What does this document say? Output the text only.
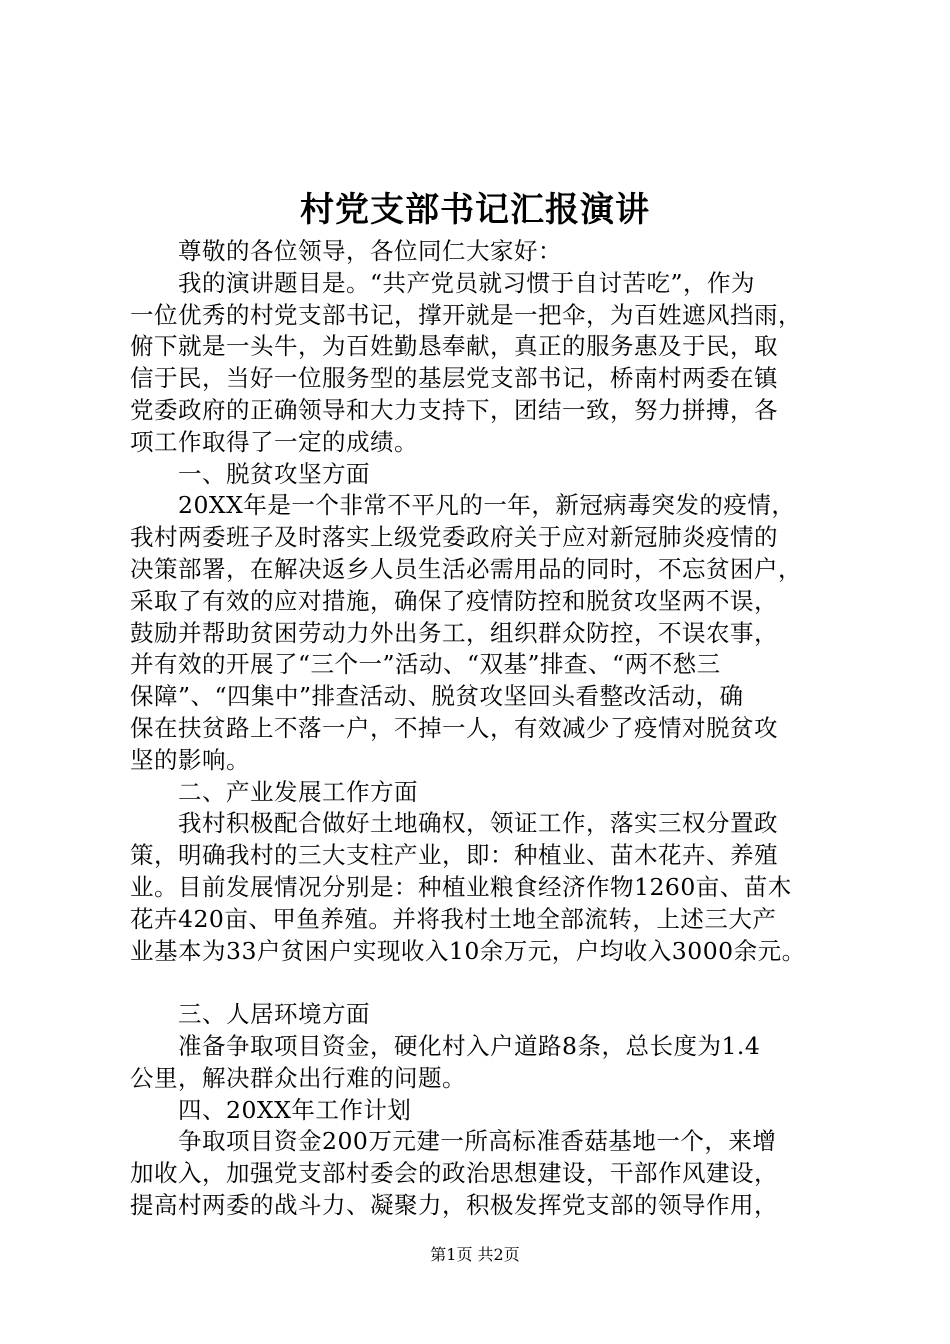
村党支部书记汇报演讲
尊敬的各位领导，各位同仁大家好：
我的演讲题目是。“共产党员就习惯于自讨苦吃”，作为
一位优秀的村党支部书记，撑开就是一把伞，为百姓遮风挡雨，
俯下就是一头牛，为百姓勤恳奉献，真正的服务惠及于民，取
信于民，当好一位服务型的基层党支部书记，桥南村两委在镇
党委政府的正确领导和大力支持下，团结一致，努力拼搏，各
项工作取得了一定的成绩。
一、脱贫攻坚方面
20XX年是一个非常不平凡的一年，新冠病毒突发的疫情，
我村两委班子及时落实上级党委政府关于应对新冠肺炎疫情的
决策部署，在解决返乡人员生活必需用品的同时，不忘贫困户，
采取了有效的应对措施，确保了疫情防控和脱贫攻坚两不误，
鼓励并帮助贫困劳动力外出务工，组织群众防控，不误农事，
并有效的开展了“三个一”活动、“双基”排查、“两不愁三
保障”、“四集中”排查活动、脱贫攻坚回头看整改活动，确
保在扶贫路上不落一户，不掉一人，有效减少了疫情对脱贫攻
坚的影响。
二、产业发展工作方面
我村积极配合做好土地确权，领证工作，落实三权分置政
策，明确我村的三大支柱产业，即：种植业、苗木花卉、养殖
业。目前发展情况分别是：种植业粮食经济作物1260亩、苗木
花卉420亩、甲鱼养殖。并将我村土地全部流转，上述三大产
业基本为33户贫困户实现收入10余万元，户均收入3000余元。
三、人居环境方面
准备争取项目资金，硬化村入户道路8条，总长度为1.4
公里，解决群众出行难的问题。
四、20XX年工作计划
争取项目资金200万元建一所高标准香菇基地一个，来增
加收入，加强党支部村委会的政治思想建设，干部作风建设，
提高村两委的战斗力、凝聚力，积极发挥党支部的领导作用，
第1页 共2页
